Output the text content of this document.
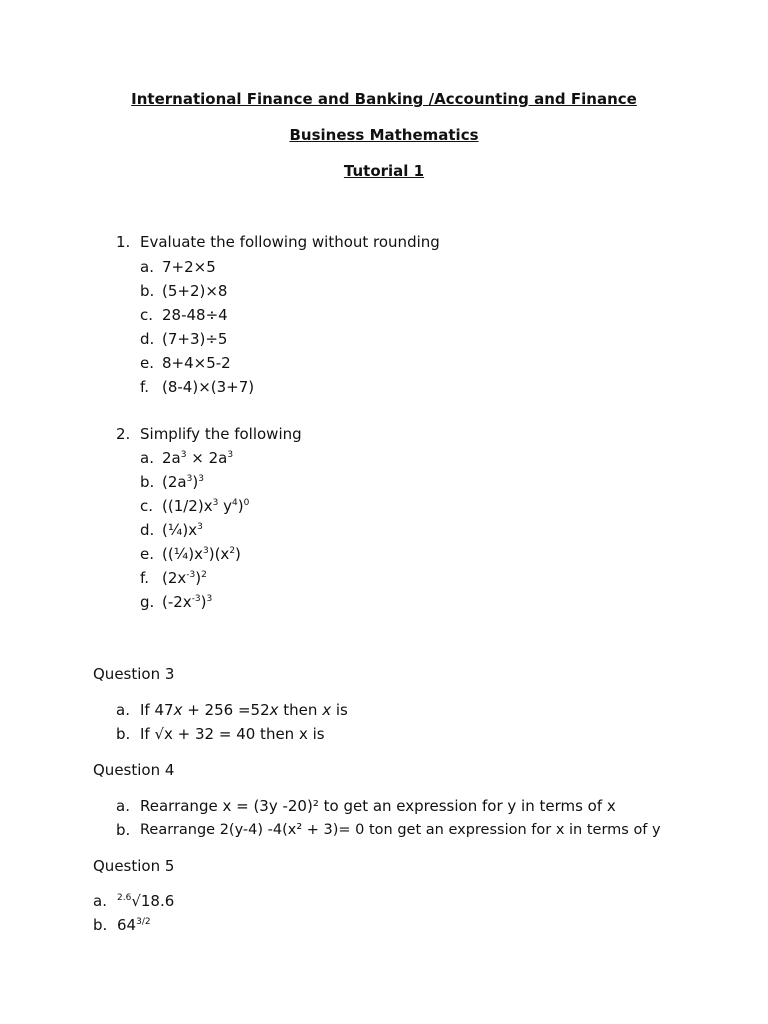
International Finance and Banking /Accounting and Finance
Business Mathematics
Tutorial 1
1. Evaluate the following without rounding
a. 7+2×5
b. (5+2)×8
c. 28-48÷4
d. (7+3)÷5
e. 8+4×5-2
f. (8-4)×(3+7)
2. Simplify the following
a. $2a^3 \times 2a^3$
b. $(2a^3)^3$
c. ($(1/2)x^3$ $y^4)^0$
d. $(\frac{1}{4})x^3$
e. $((\frac{1}{4})x^3)(x^2)$
f. $(2x^{-3})^2$
g. $(-2x^{-3})^3$
Question 3
a. If 47x + 256 =52x then x is
b. If √x + 32 = 40 then x is
Question 4
a. Rearrange x = (3y -20)² to get an expression for y in terms of x
b. Rearrange 2(y-4) -4(x² + 3)= 0 ton get an expression for x in terms of y
Question 5
a. $^{2.6}$√18.6
b. $64^{3/2}$
